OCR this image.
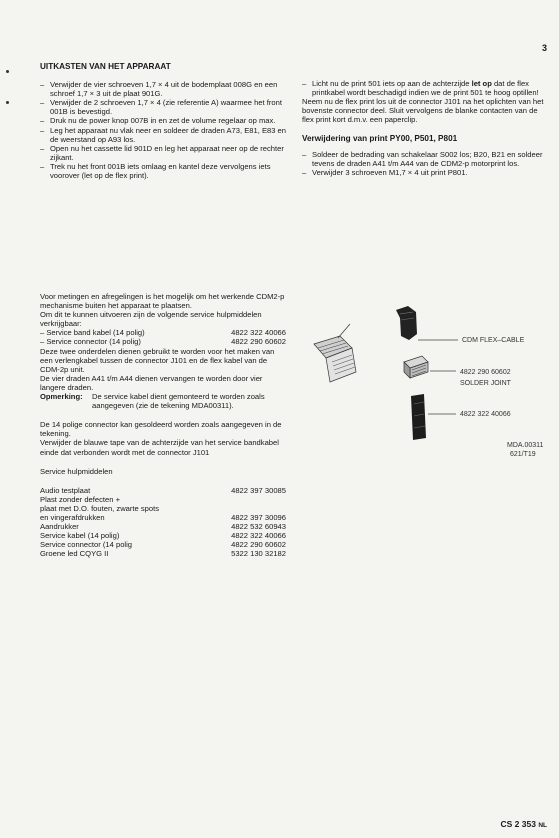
3
UITKASTEN VAN HET APPARAAT
– Verwijder de vier schroeven 1,7 × 4 uit de bodemplaat 008G en een schroef 1,7 × 3 uit de plaat 901G.
– Verwijder de 2 schroeven 1,7 × 4 (zie referentie A) waarmee het front 001B is bevestigd.
– Druk nu de power knop 007B in en zet de volume regelaar op max.
– Leg het apparaat nu vlak neer en soldeer de draden A73, E81, E83 en de weerstand op A93 los.
– Open nu het cassette lid 901D en leg het apparaat neer op de rechter zijkant.
– Trek nu het front 001B iets omlaag en kantel deze vervolgens iets voorover (let op de flex print).
– Licht nu de print 501 iets op aan de achterzijde let op dat de flex printkabel wordt beschadigd indien we de print 501 te hoog optillen!

Neem nu de flex print los uit de connector J101 na het oplichten van het bovenste connector deel. Sluit vervolgens de blanke contacten van de flex print kort d.m.v. een paperclip.

Verwijdering van print PY00, P501, P801
– Soldeer de bedrading van schakelaar S002 los; B20, B21 en soldeer tevens de draden A41 t/m A44 van de CDM2-p motorprint los.
– Verwijder 3 schroeven M1,7 × 4 uit print P801.

Voor metingen en afregelingen is het mogelijk om het werkende CDM2-p mechanisme buiten het apparaat te plaatsen.

Om dit te kunnen uitvoeren zijn de volgende service hulpmiddelen verkrijgbaar:

– Service band kabel (14 polig)	4822 322 40066
– Service connector (14 polig)	4822 290 60602

Deze twee onderdelen dienen gebruikt te worden voor het maken van een verlengkabel tussen de connector J101 en de flex kabel van de CDM-2p unit.

De vier draden A41 t/m A44 dienen vervangen te worden door vier langere draden.

Opmerking:	De service kabel dient gemonteerd te worden zoals aangegeven (zie de tekening MDA00311).

De 14 polige connector kan gesoldeerd worden zoals aangegeven in de tekening.

Verwijder de blauwe tape van de achterzijde van het service bandkabel einde dat verbonden wordt met de connector J101

Service hulpmiddelen

Audio testplaat	4822 397 30085
Plast zonder defecten +
plaat met D.O. fouten, zwarte spots
en vingerafdrukken	4822 397 30096
Aandrukker	4822 532 60943
Service kabel (14 polig)	4822 322 40066
Service connector (14 polig	4822 290 60602
Groene led CQYG II	5322 130 32182
CDM FLEX–CABLE
4822 290 60602
SOLDER JOINT
4822 322 40066
MDA.00311
621/T19
CS 2 353 NL
